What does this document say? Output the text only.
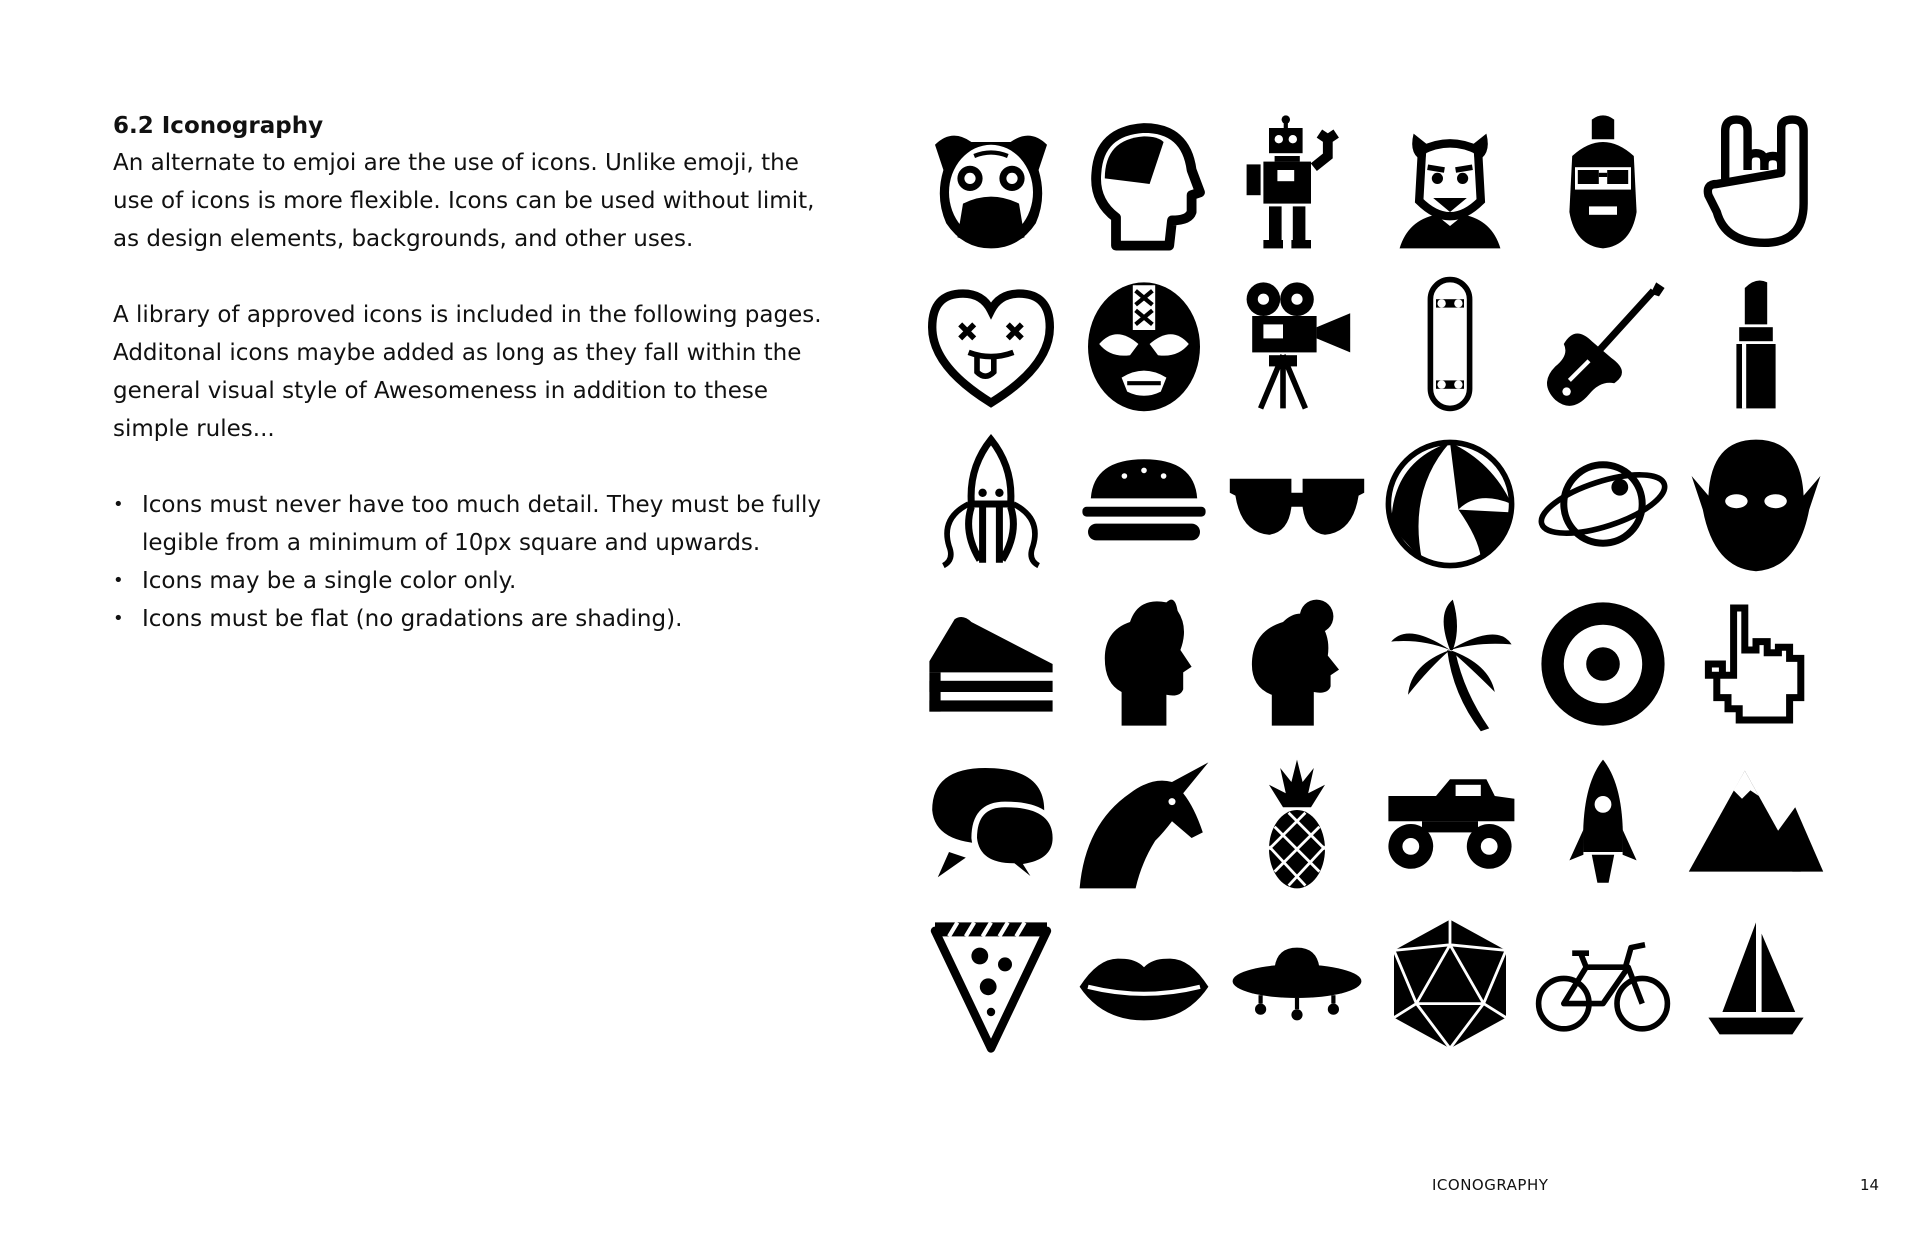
6.2 Iconography

An alternate to emjoi are the use of icons. Unlike emoji, the use of icons is more flexible. Icons can be used without limit, as design elements, backgrounds, and other uses.

A library of approved icons is included in the following pages. Additonal icons maybe added as long as they fall within the general visual style of Awesomeness in addition to these simple rules...

• Icons must never have too much detail. They must be fully legible from a minimum of 10px square and upwards.
• Icons may be a single color only.
• Icons must be flat (no gradations are shading).
ICONOGRAPHY	14
